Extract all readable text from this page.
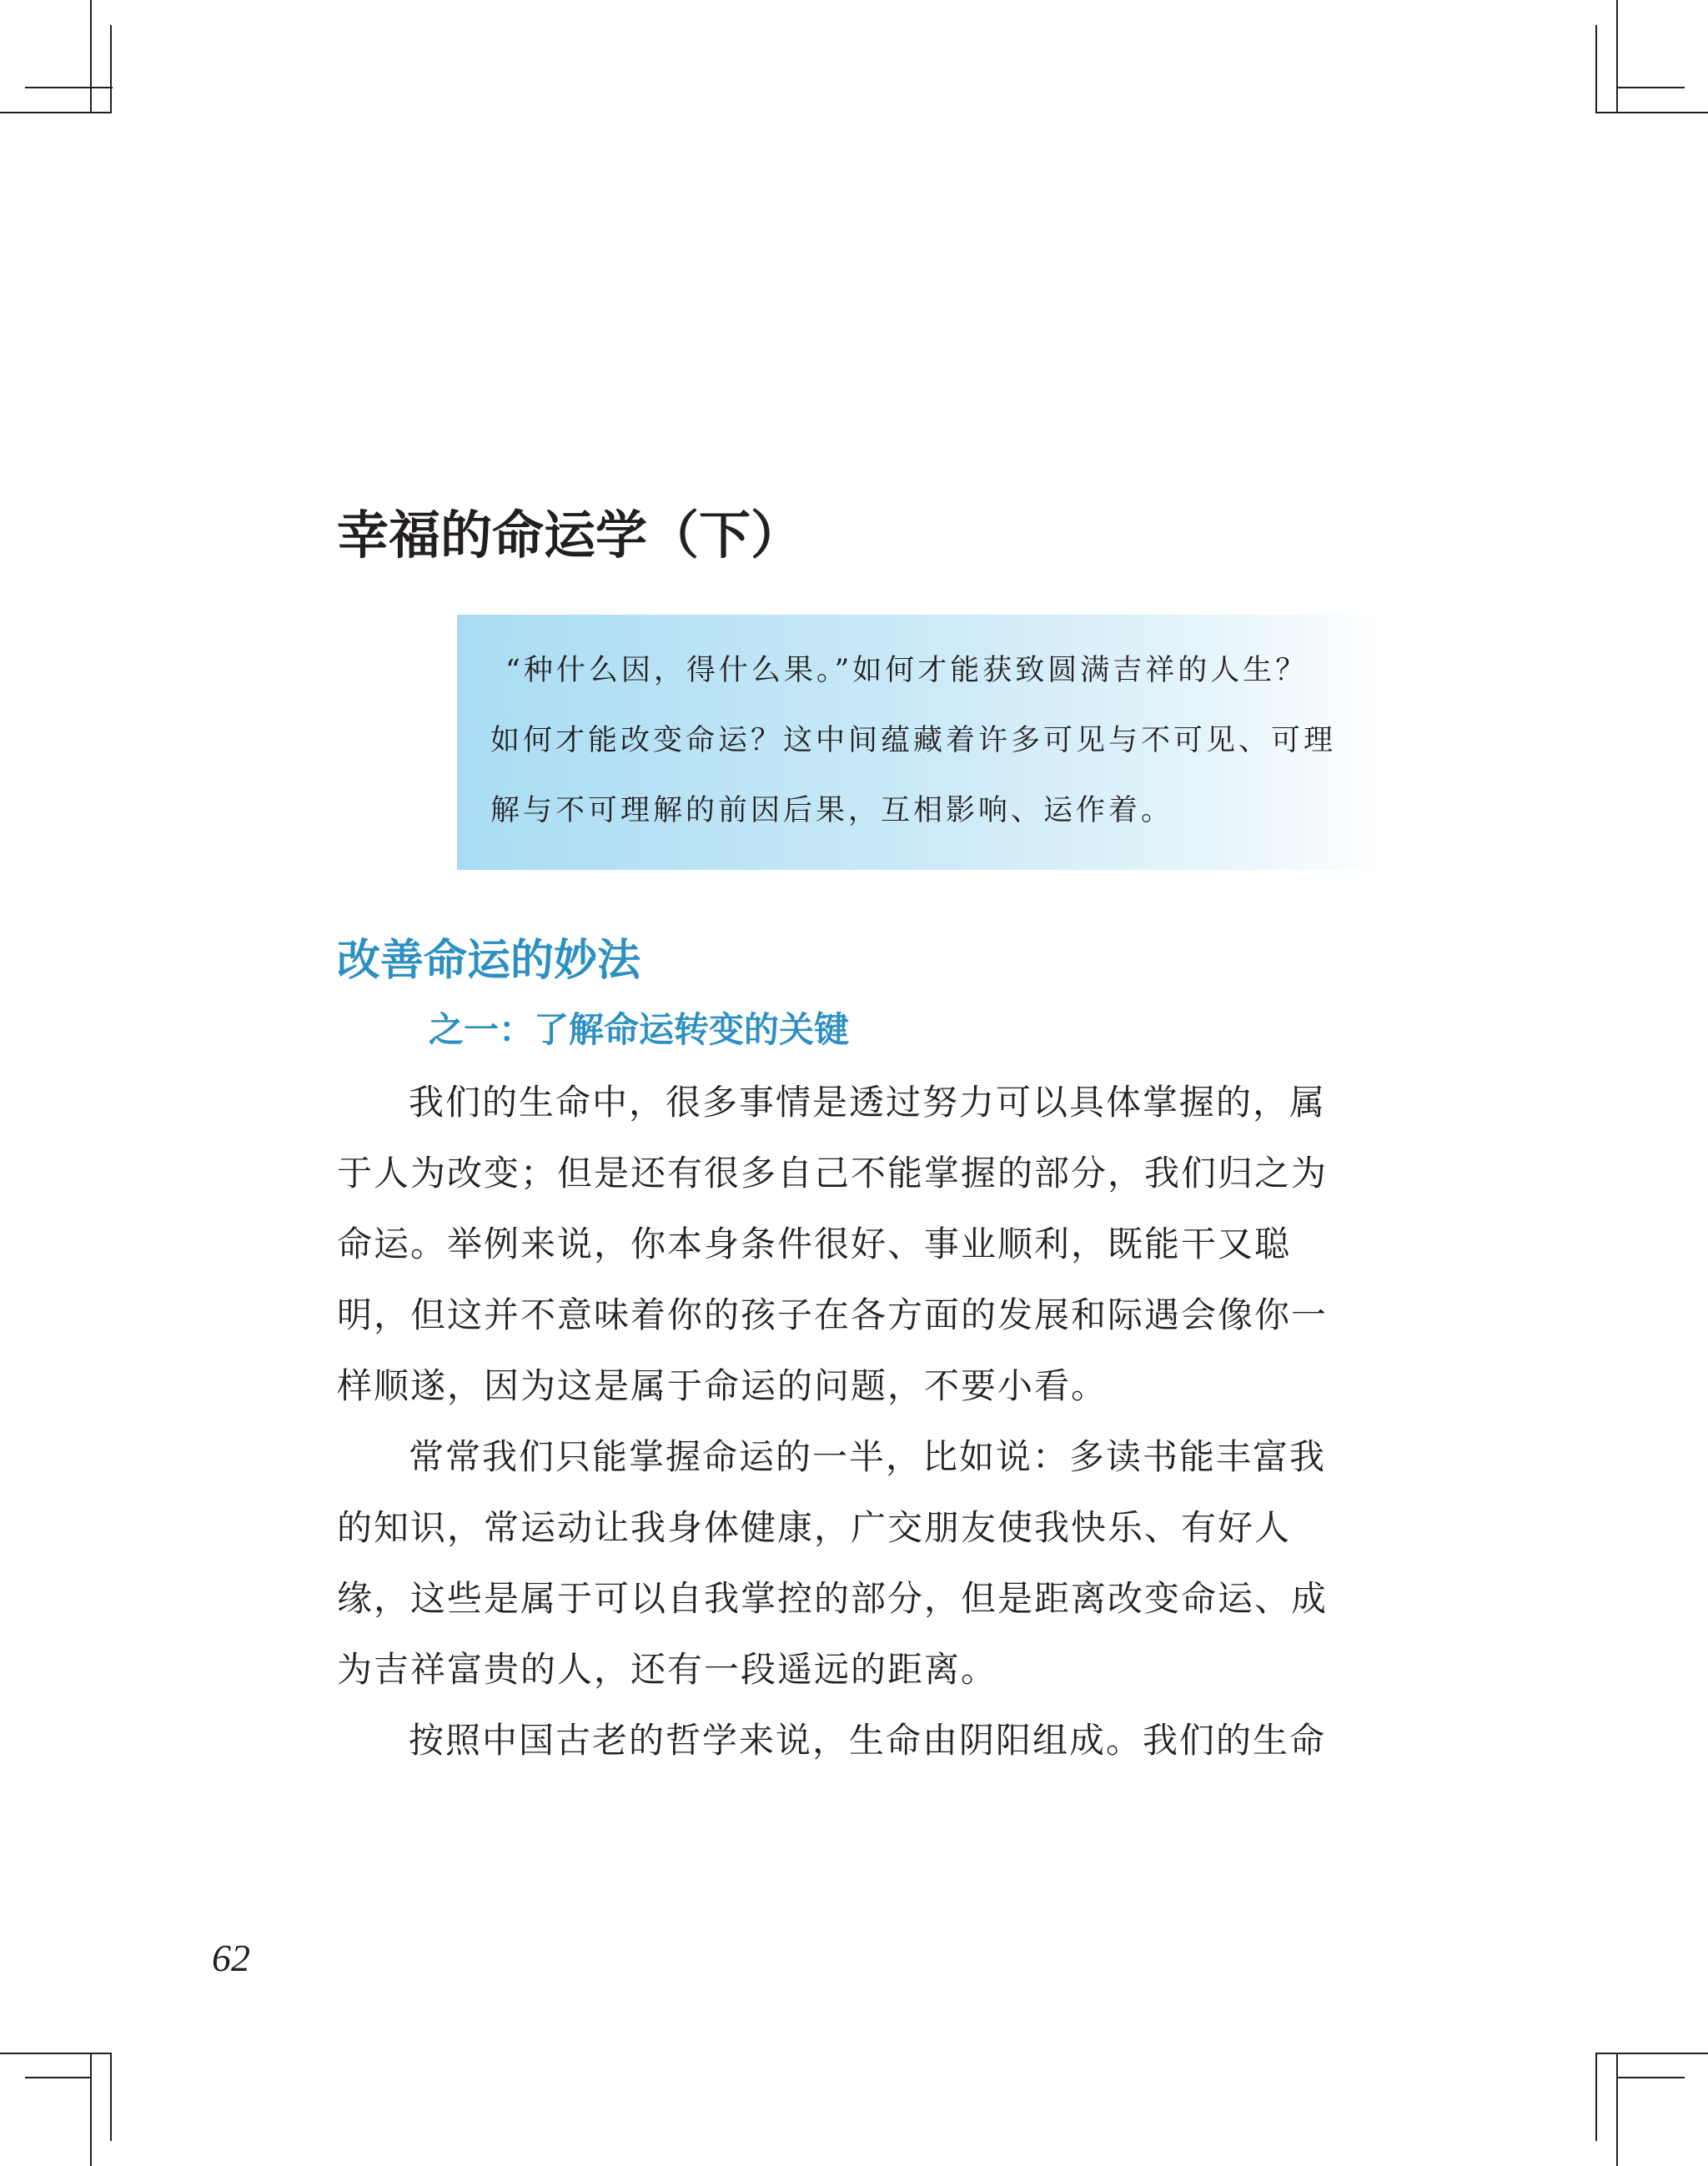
幸福的命运学（下）
“种什么因，得什么果。”如何才能获致圆满吉祥的人生？
如何才能改变命运？这中间蕴藏着许多可见与不可见、可理
解与不可理解的前因后果，互相影响、运作着。
改善命运的妙法
之一：了解命运转变的关键
我们的生命中，很多事情是透过努力可以具体掌握的，属
于人为改变；但是还有很多自己不能掌握的部分，我们归之为
命运。举例来说，你本身条件很好、事业顺利，既能干又聪
明，但这并不意味着你的孩子在各方面的发展和际遇会像你一
样顺遂，因为这是属于命运的问题，不要小看。
常常我们只能掌握命运的一半，比如说：多读书能丰富我
的知识，常运动让我身体健康，广交朋友使我快乐、有好人
缘，这些是属于可以自我掌控的部分，但是距离改变命运、成
为吉祥富贵的人，还有一段遥远的距离。
按照中国古老的哲学来说，生命由阴阳组成。我们的生命
62
